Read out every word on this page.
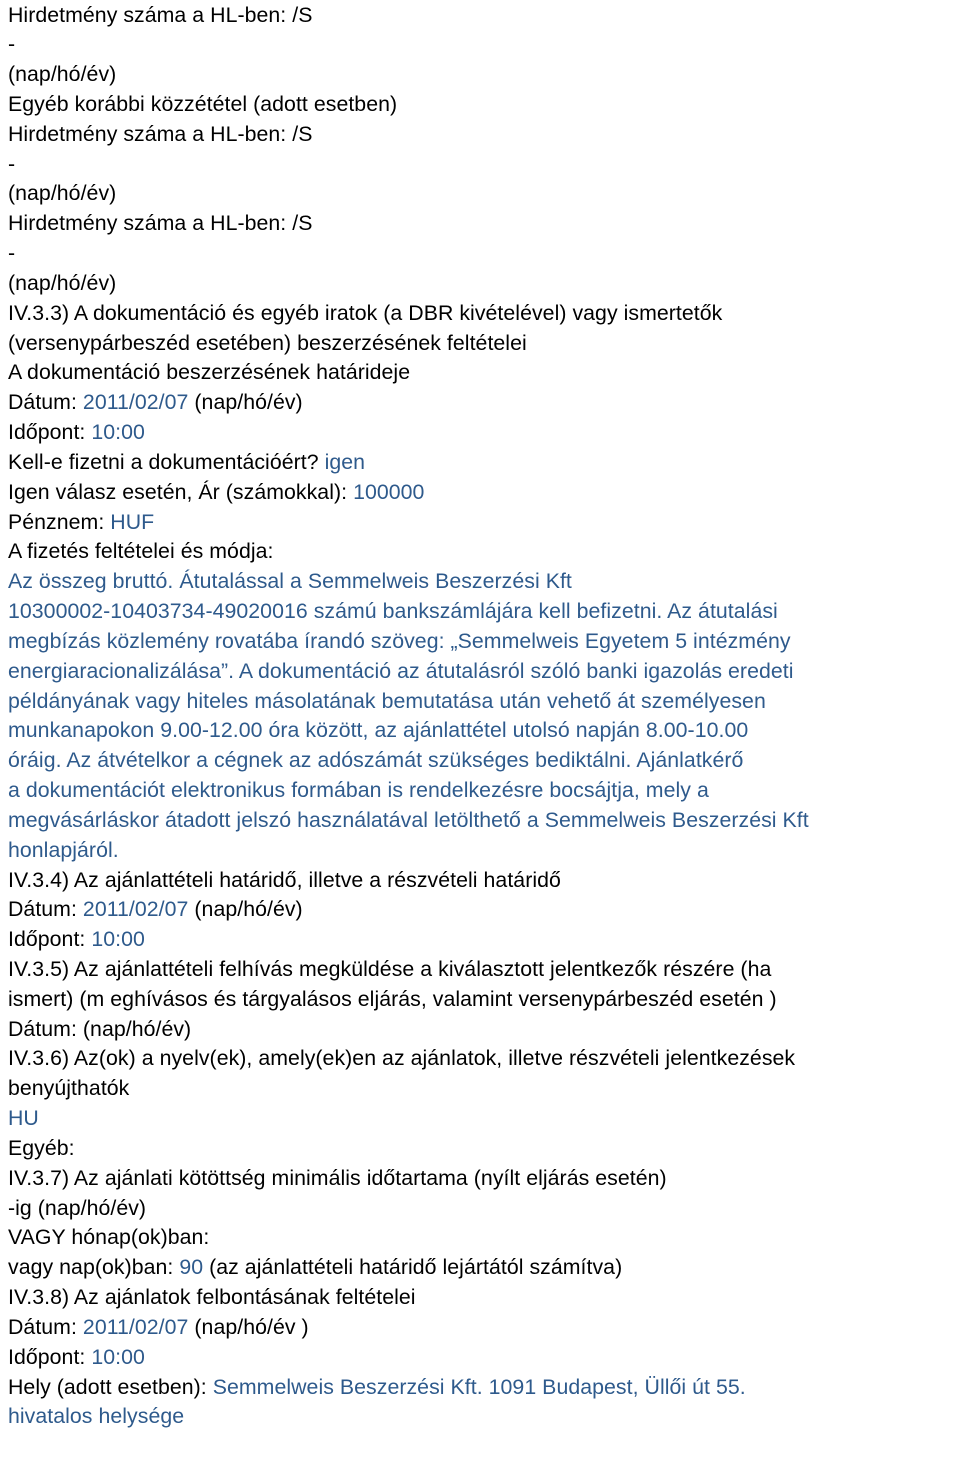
Hirdetmény száma a HL-ben: /S
-
(nap/hó/év)
Egyéb korábbi közzététel (adott esetben)
Hirdetmény száma a HL-ben: /S
-
(nap/hó/év)
Hirdetmény száma a HL-ben: /S
-
(nap/hó/év)
IV.3.3) A dokumentáció és egyéb iratok (a DBR kivételével) vagy ismertetők
(versenypárbeszéd esetében) beszerzésének feltételei
A dokumentáció beszerzésének határideje
Dátum: 2011/02/07 (nap/hó/év)
Időpont: 10:00
Kell-e fizetni a dokumentációért? igen
Igen válasz esetén, Ár (számokkal): 100000
Pénznem: HUF
A fizetés feltételei és módja:
Az összeg bruttó. Átutalással a Semmelweis Beszerzési Kft
10300002-10403734-49020016 számú bankszámlájára kell befizetni. Az átutalási
megbízás közlemény rovatába írandó szöveg: „Semmelweis Egyetem 5 intézmény
energiaracionalizálása”. A dokumentáció az átutalásról szóló banki igazolás eredeti
példányának vagy hiteles másolatának bemutatása után vehető át személyesen
munkanapokon 9.00-12.00 óra között, az ajánlattétel utolsó napján 8.00-10.00
óráig. Az átvételkor a cégnek az adószámát szükséges bediktálni. Ajánlatkérő
a dokumentációt elektronikus formában is rendelkezésre bocsájtja, mely a
megvásárláskor átadott jelszó használatával letölthető a Semmelweis Beszerzési Kft
honlapjáról.
IV.3.4) Az ajánlattételi határidő, illetve a részvételi határidő
Dátum: 2011/02/07 (nap/hó/év)
Időpont: 10:00
IV.3.5) Az ajánlattételi felhívás megküldése a kiválasztott jelentkezők részére (ha
ismert) (m eghívásos és tárgyalásos eljárás, valamint versenypárbeszéd esetén )
Dátum: (nap/hó/év)
IV.3.6) Az(ok) a nyelv(ek), amely(ek)en az ajánlatok, illetve részvételi jelentkezések
benyújthatók
HU
Egyéb:
IV.3.7) Az ajánlati kötöttség minimális időtartama (nyílt eljárás esetén)
-ig (nap/hó/év)
VAGY hónap(ok)ban:
vagy nap(ok)ban: 90 (az ajánlattételi határidő lejártától számítva)
IV.3.8) Az ajánlatok felbontásának feltételei
Dátum: 2011/02/07 (nap/hó/év )
Időpont: 10:00
Hely (adott esetben): Semmelweis Beszerzési Kft. 1091 Budapest, Üllői út 55.
hivatalos helysége
